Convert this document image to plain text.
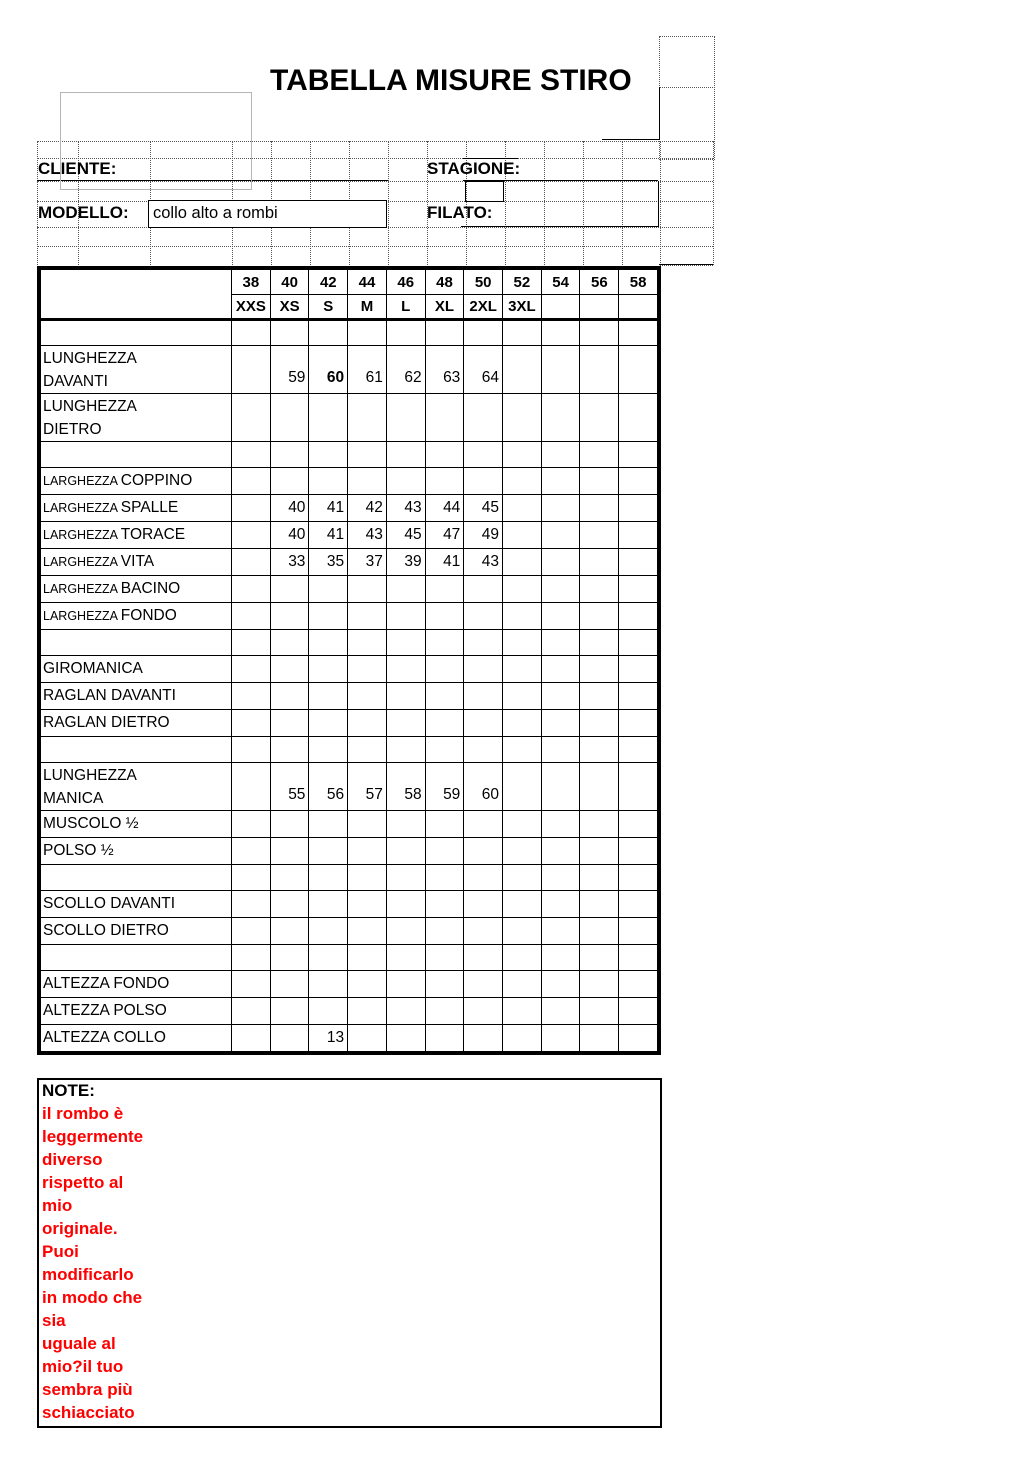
TABELLA MISURE STIRO
CLIENTE:	STAGIONE:
MODELLO: collo alto a rombi	FILATO:
	38	40	42	44	46	48	50	52	54	56	58
	XXS	XS	S	M	L	XL	2XL	3XL			

LUNGHEZZA
DAVANTI		59	60	61	62	63	64				

LUNGHEZZA
DIETRO											

LARGHEZZA COPPINO											
LARGHEZZA SPALLE		40	41	42	43	44	45				
LARGHEZZA TORACE		40	41	43	45	47	49				
LARGHEZZA VITA		33	35	37	39	41	43				
LARGHEZZA BACINO											
LARGHEZZA FONDO											

GIROMANICA											
RAGLAN DAVANTI											
RAGLAN DIETRO											

LUNGHEZZA
MANICA		55	56	57	58	59	60				
MUSCOLO ½											
POLSO ½											

SCOLLO DAVANTI											
SCOLLO DIETRO											

ALTEZZA FONDO											
ALTEZZA POLSO											
ALTEZZA COLLO			13								
NOTE:
il rombo è
leggermente
diverso
rispetto al
mio
originale.
Puoi
modificarlo
in modo che
sia
uguale al
mio?il tuo
sembra più
schiacciato
